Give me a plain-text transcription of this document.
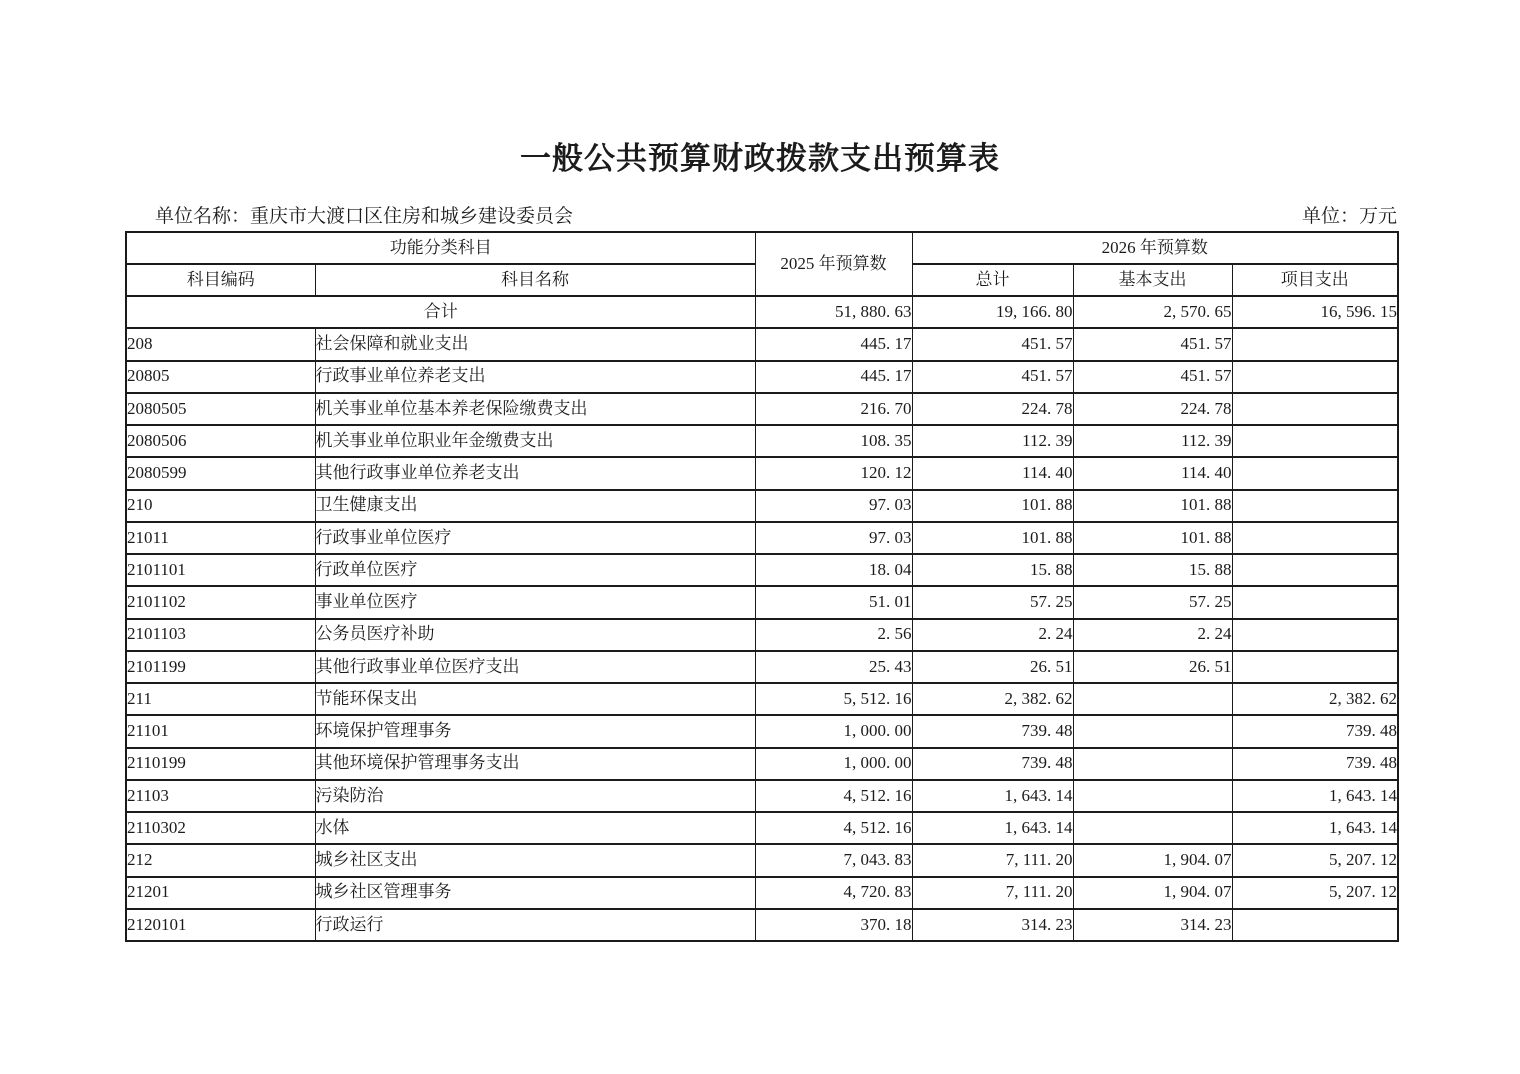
一般公共预算财政拨款支出预算表
单位名称：重庆市大渡口区住房和城乡建设委员会	单位：万元
功能分类科目		2025 年预算数	2026 年预算数		
科目编码	科目名称		总计	基本支出	项目支出
合计		51, 880. 63	19, 166. 80	2, 570. 65	16, 596. 15
208	社会保障和就业支出	445. 17	451. 57	451. 57	
20805	行政事业单位养老支出	445. 17	451. 57	451. 57	
2080505	机关事业单位基本养老保险缴费支出	216. 70	224. 78	224. 78	
2080506	机关事业单位职业年金缴费支出	108. 35	112. 39	112. 39	
2080599	其他行政事业单位养老支出	120. 12	114. 40	114. 40	
210	卫生健康支出	97. 03	101. 88	101. 88	
21011	行政事业单位医疗	97. 03	101. 88	101. 88	
2101101	行政单位医疗	18. 04	15. 88	15. 88	
2101102	事业单位医疗	51. 01	57. 25	57. 25	
2101103	公务员医疗补助	2. 56	2. 24	2. 24	
2101199	其他行政事业单位医疗支出	25. 43	26. 51	26. 51	
211	节能环保支出	5, 512. 16	2, 382. 62		2, 382. 62
21101	环境保护管理事务	1, 000. 00	739. 48		739. 48
2110199	其他环境保护管理事务支出	1, 000. 00	739. 48		739. 48
21103	污染防治	4, 512. 16	1, 643. 14		1, 643. 14
2110302	水体	4, 512. 16	1, 643. 14		1, 643. 14
212	城乡社区支出	7, 043. 83	7, 111. 20	1, 904. 07	5, 207. 12
21201	城乡社区管理事务	4, 720. 83	7, 111. 20	1, 904. 07	5, 207. 12
2120101	行政运行	370. 18	314. 23	314. 23	
